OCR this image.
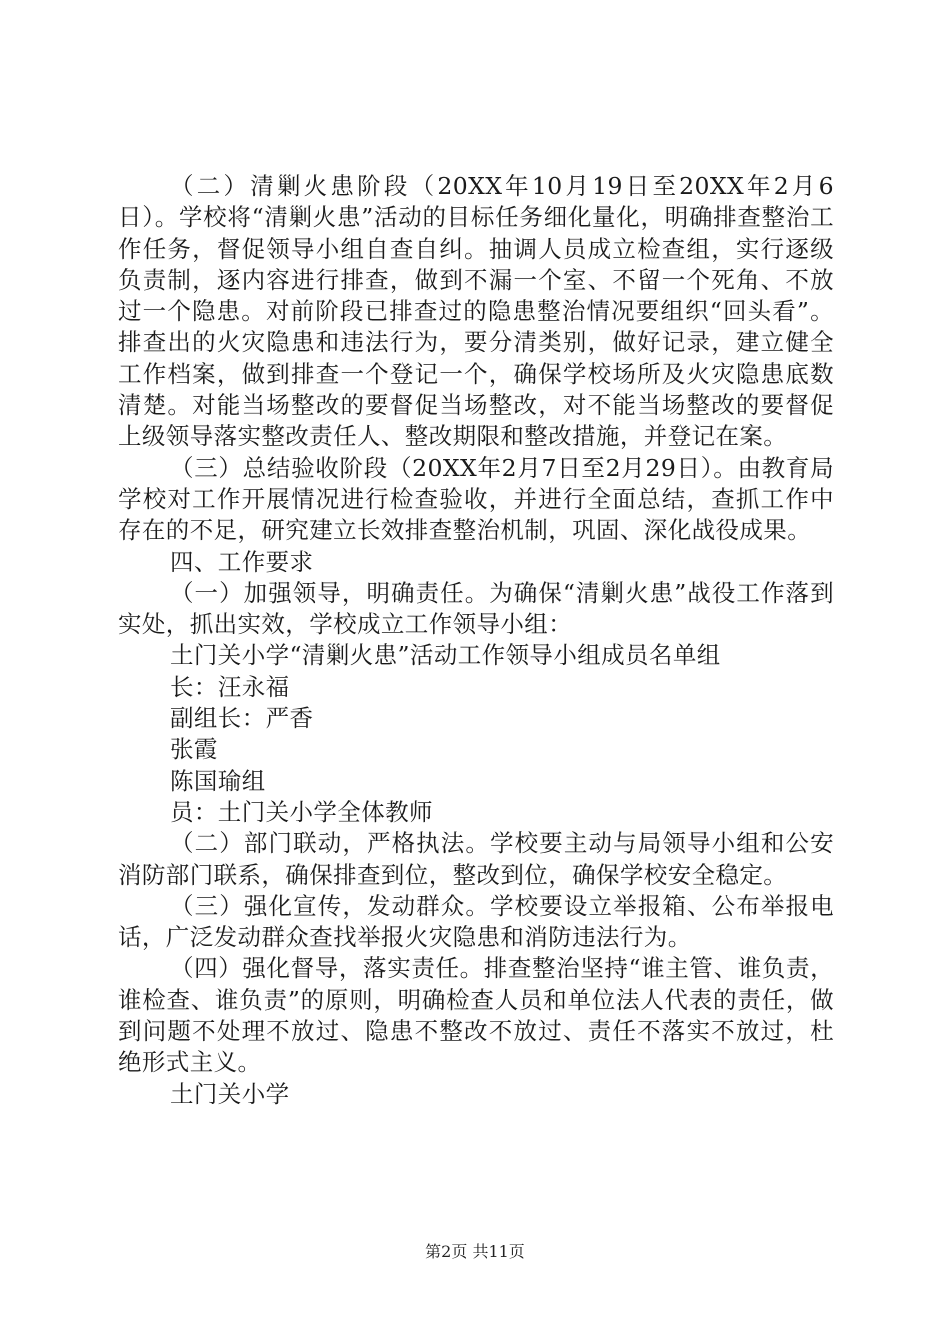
（二）清剿火患阶段（20XX年10月19日至20XX年2月6日）。学校将“清剿火患”活动的目标任务细化量化，明确排查整治工作任务，督促领导小组自查自纠。抽调人员成立检查组，实行逐级负责制，逐内容进行排查，做到不漏一个室、不留一个死角、不放过一个隐患。对前阶段已排查过的隐患整治情况要组织“回头看”。排查出的火灾隐患和违法行为，要分清类别，做好记录，建立健全工作档案，做到排查一个登记一个，确保学校场所及火灾隐患底数清楚。对能当场整改的要督促当场整改，对不能当场整改的要督促上级领导落实整改责任人、整改期限和整改措施，并登记在案。

（三）总结验收阶段（20XX年2月7日至2月29日）。由教育局学校对工作开展情况进行检查验收，并进行全面总结，查抓工作中存在的不足，研究建立长效排查整治机制，巩固、深化战役成果。

四、工作要求

（一）加强领导，明确责任。为确保“清剿火患”战役工作落到实处，抓出实效，学校成立工作领导小组：

土门关小学“清剿火患”活动工作领导小组成员名单组

长：汪永福

副组长：严香

张霞

陈国瑜组

员：土门关小学全体教师

（二）部门联动，严格执法。学校要主动与局领导小组和公安消防部门联系，确保排查到位，整改到位，确保学校安全稳定。

（三）强化宣传，发动群众。学校要设立举报箱、公布举报电话，广泛发动群众查找举报火灾隐患和消防违法行为。

（四）强化督导，落实责任。排查整治坚持“谁主管、谁负责，谁检查、谁负责”的原则，明确检查人员和单位法人代表的责任，做到问题不处理不放过、隐患不整改不放过、责任不落实不放过，杜绝形式主义。

土门关小学

第2页 共11页
